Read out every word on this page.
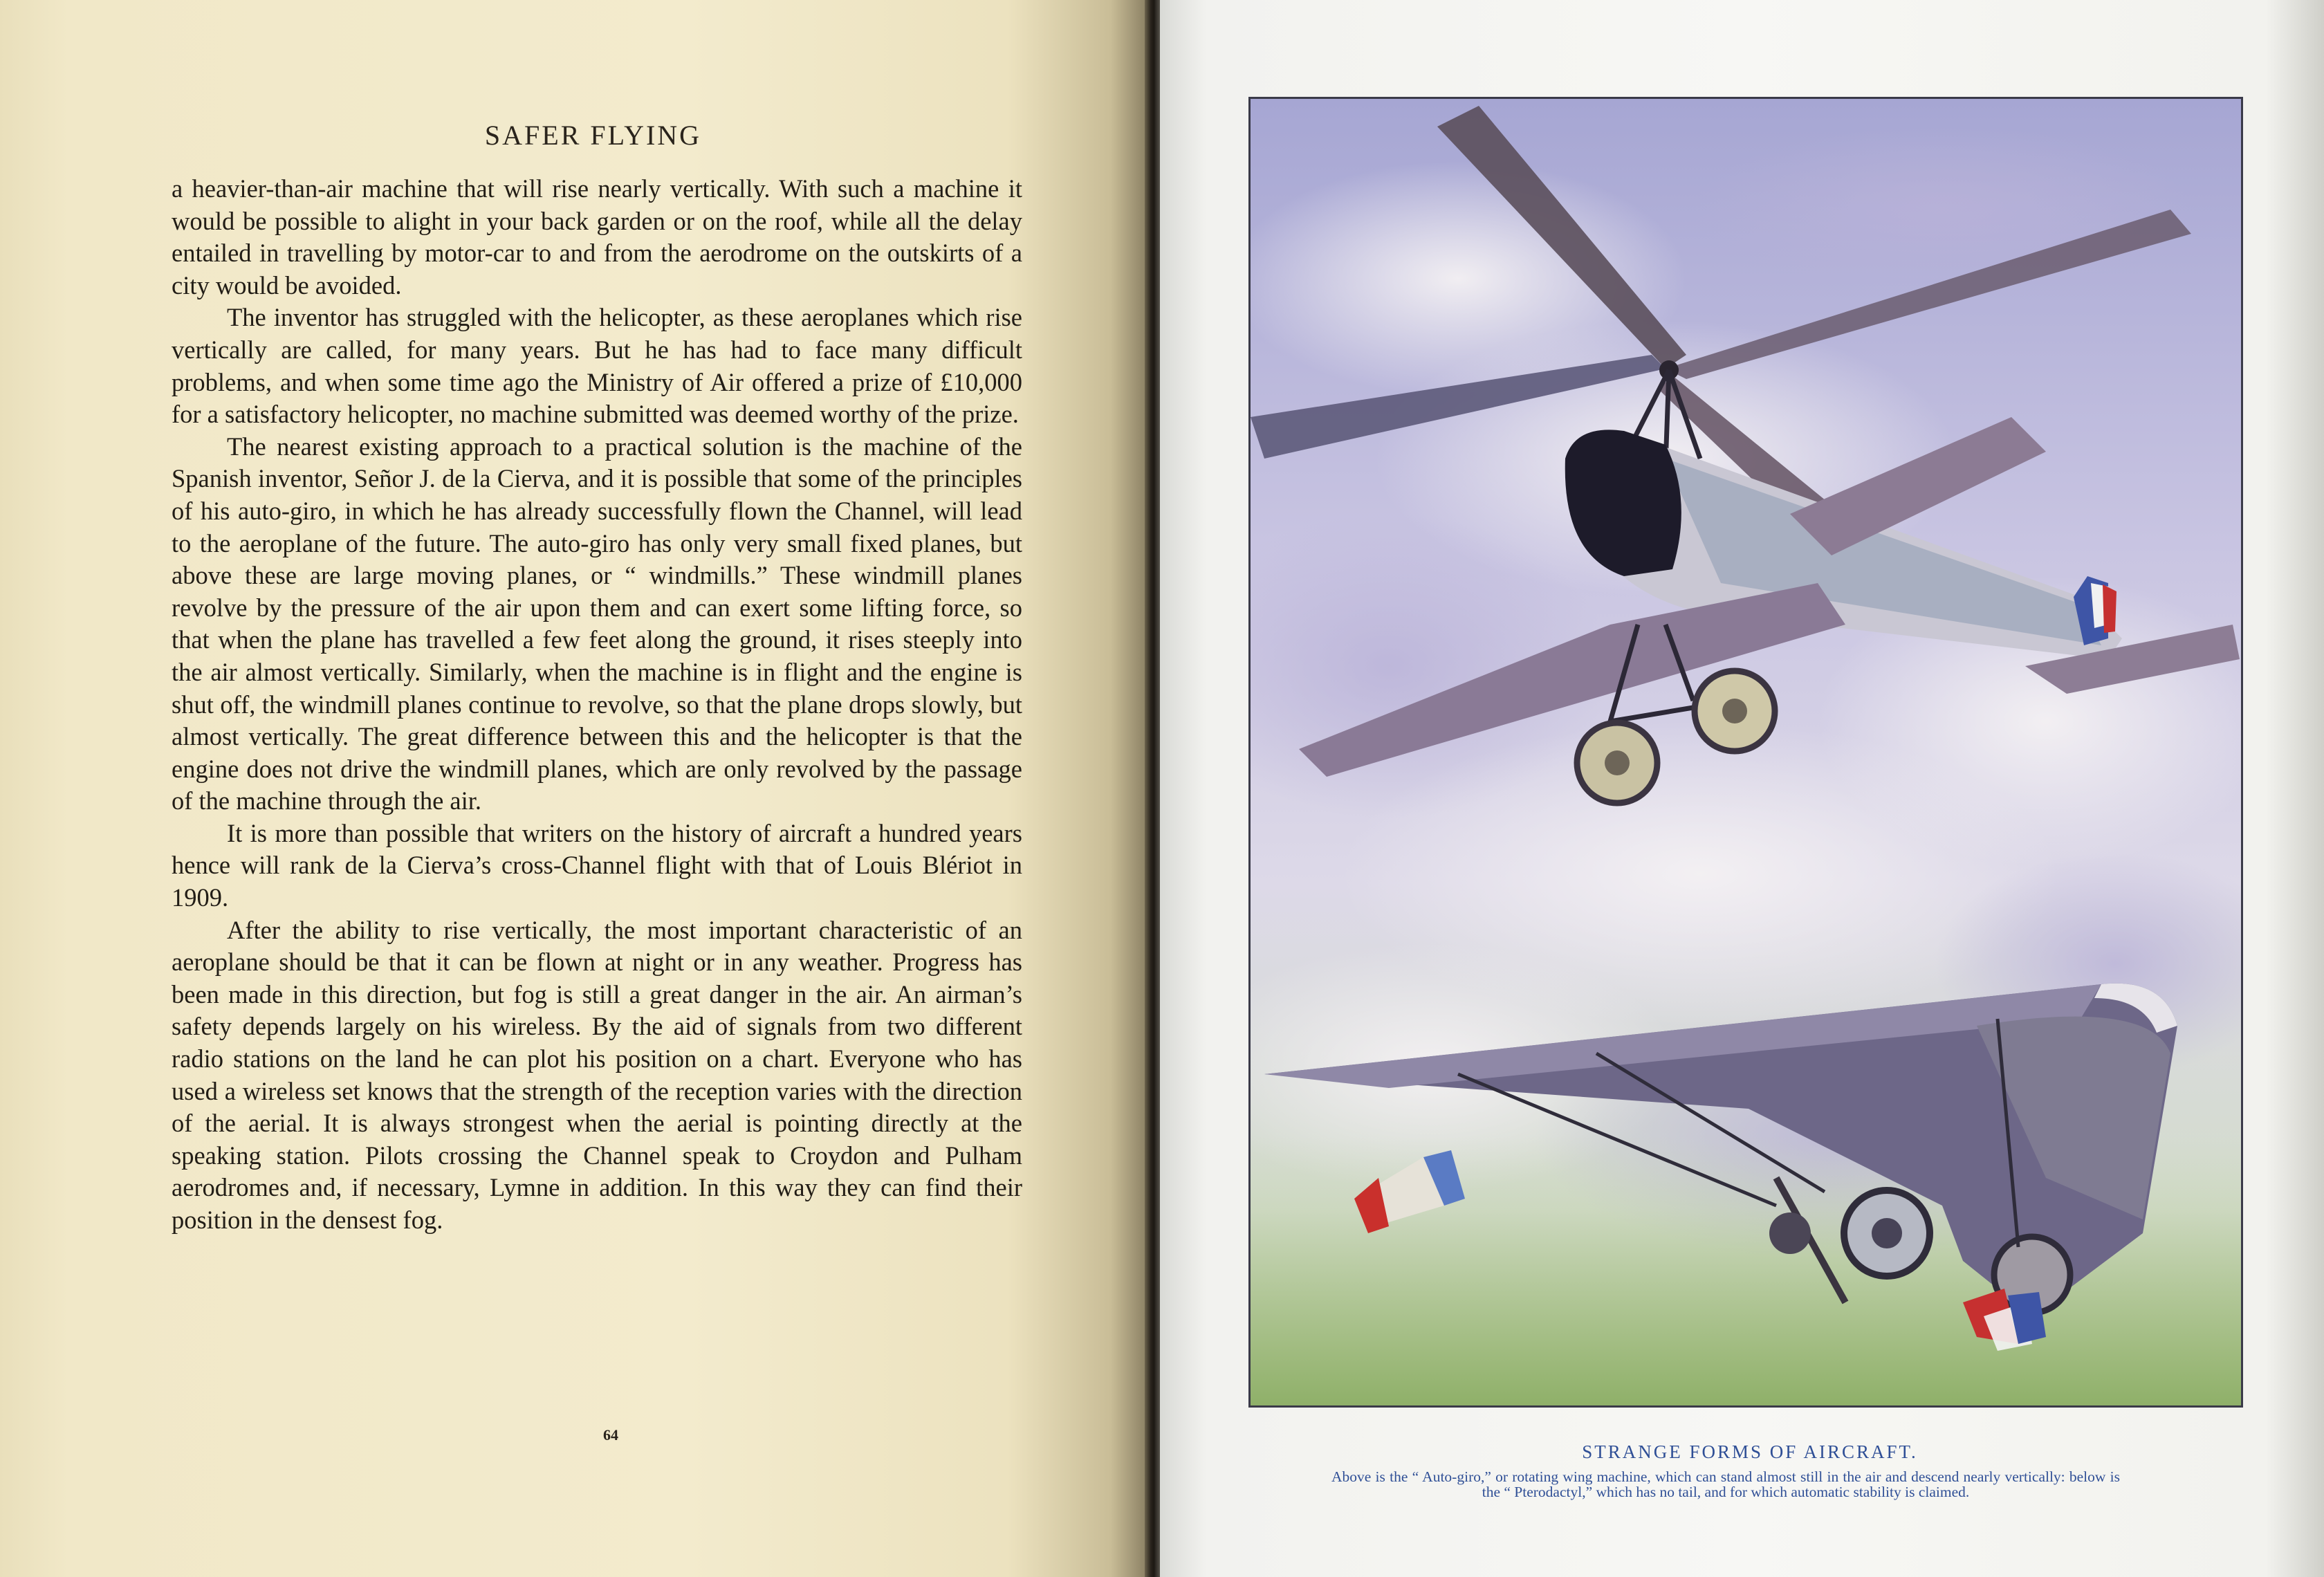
SAFER FLYING

a heavier-than-air machine that will rise nearly vertically. With such a machine it would be possible to alight in your back garden or on the roof, while all the delay entailed in travelling by motor-car to and from the aerodrome on the outskirts of a city would be avoided.

The inventor has struggled with the helicopter, as these aeroplanes which rise vertically are called, for many years. But he has had to face many difficult problems, and when some time ago the Ministry of Air offered a prize of £10,000 for a satisfactory helicopter, no machine submitted was deemed worthy of the prize.

The nearest existing approach to a practical solution is the machine of the Spanish inventor, Señor J. de la Cierva, and it is possible that some of the principles of his auto-giro, in which he has already successfully flown the Channel, will lead to the aeroplane of the future. The auto-giro has only very small fixed planes, but above these are large moving planes, or “ windmills.” These windmill planes revolve by the pressure of the air upon them and can exert some lifting force, so that when the plane has travelled a few feet along the ground, it rises steeply into the air almost vertically. Similarly, when the machine is in flight and the engine is shut off, the windmill planes continue to revolve, so that the plane drops slowly, but almost vertically. The great difference between this and the helicopter is that the engine does not drive the windmill planes, which are only revolved by the passage of the machine through the air.

It is more than possible that writers on the history of aircraft a hundred years hence will rank de la Cierva’s cross-Channel flight with that of Louis Blériot in 1909.

After the ability to rise vertically, the most important characteristic of an aeroplane should be that it can be flown at night or in any weather. Progress has been made in this direction, but fog is still a great danger in the air. An airman’s safety depends largely on his wireless. By the aid of signals from two different radio stations on the land he can plot his position on a chart. Everyone who has used a wireless set knows that the strength of the reception varies with the direction of the aerial. It is always strongest when the aerial is pointing directly at the speaking station. Pilots crossing the Channel speak to Croydon and Pulham aerodromes and, if necessary, Lymne in addition. In this way they can find their position in the densest fog.

64
STRANGE FORMS OF AIRCRAFT.
Above is the “ Auto-giro,” or rotating wing machine, which can stand almost still in the air and descend nearly vertically: below is the “ Pterodactyl,” which has no tail, and for which automatic stability is claimed.
